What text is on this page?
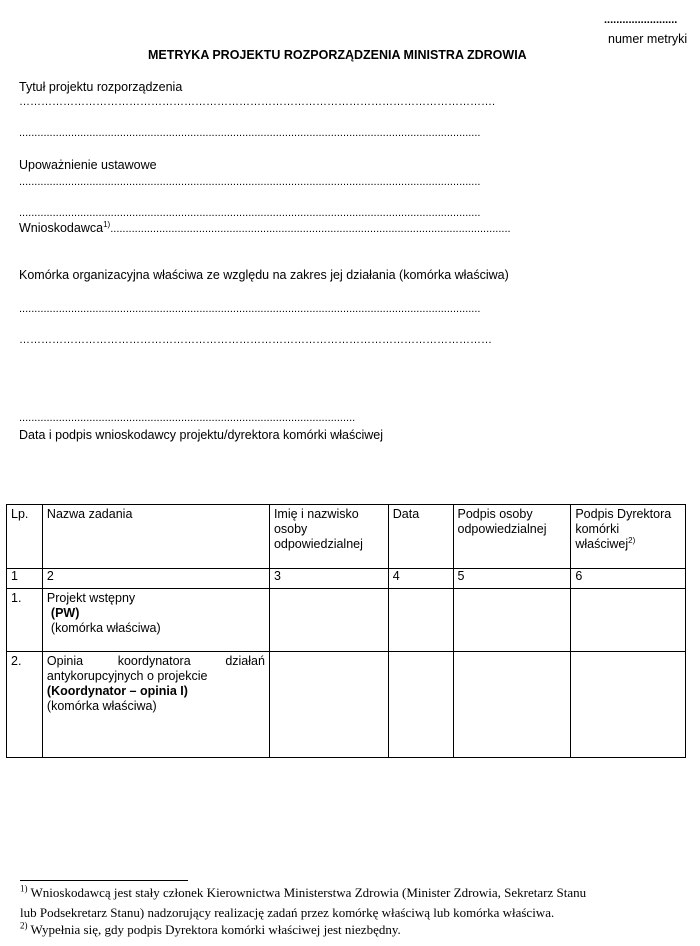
........................
numer metryki
METRYKA PROJEKTU ROZPORZĄDZENIA MINISTRA ZDROWIA
Tytuł projektu rozporządzenia
………………………………………………………………………………………………………………….
.......................................................................................................................................................
Upoważnienie ustawowe
.......................................................................................................................................................
.......................................................................................................................................................
Wnioskodawca$^{1)}$...................................................................................................................................
Komórka organizacyjna właściwa ze względu na zakres jej działania (komórka właściwa)
.......................................................................................................................................................
…………………………………………………………………………………………………………………
..............................................................................................................
Data i podpis wnioskodawcy projektu/dyrektora komórki właściwej
Lp.	Nazwa zadania	Imię i nazwisko osoby odpowiedzialnej	Data	Podpis osoby odpowiedzialnej	Podpis Dyrektora komórki właściwej$^{2)}$
1	2	3	4	5	6
1.	Projekt wstępny
(PW)
(komórka właściwa)				

2.	Opinia koordynatora działań antykorupcyjnych o projekcie
(Koordynator – opinia I)
(komórka właściwa)				

$^{1)}$ Wnioskodawcą jest stały członek Kierownictwa Ministerstwa Zdrowia (Minister Zdrowia, Sekretarz Stanu
lub Podsekretarz Stanu) nadzorujący realizację zadań przez komórkę właściwą lub komórka właściwa.
$^{2)}$ Wypełnia się, gdy podpis Dyrektora komórki właściwej jest niezbędny.
